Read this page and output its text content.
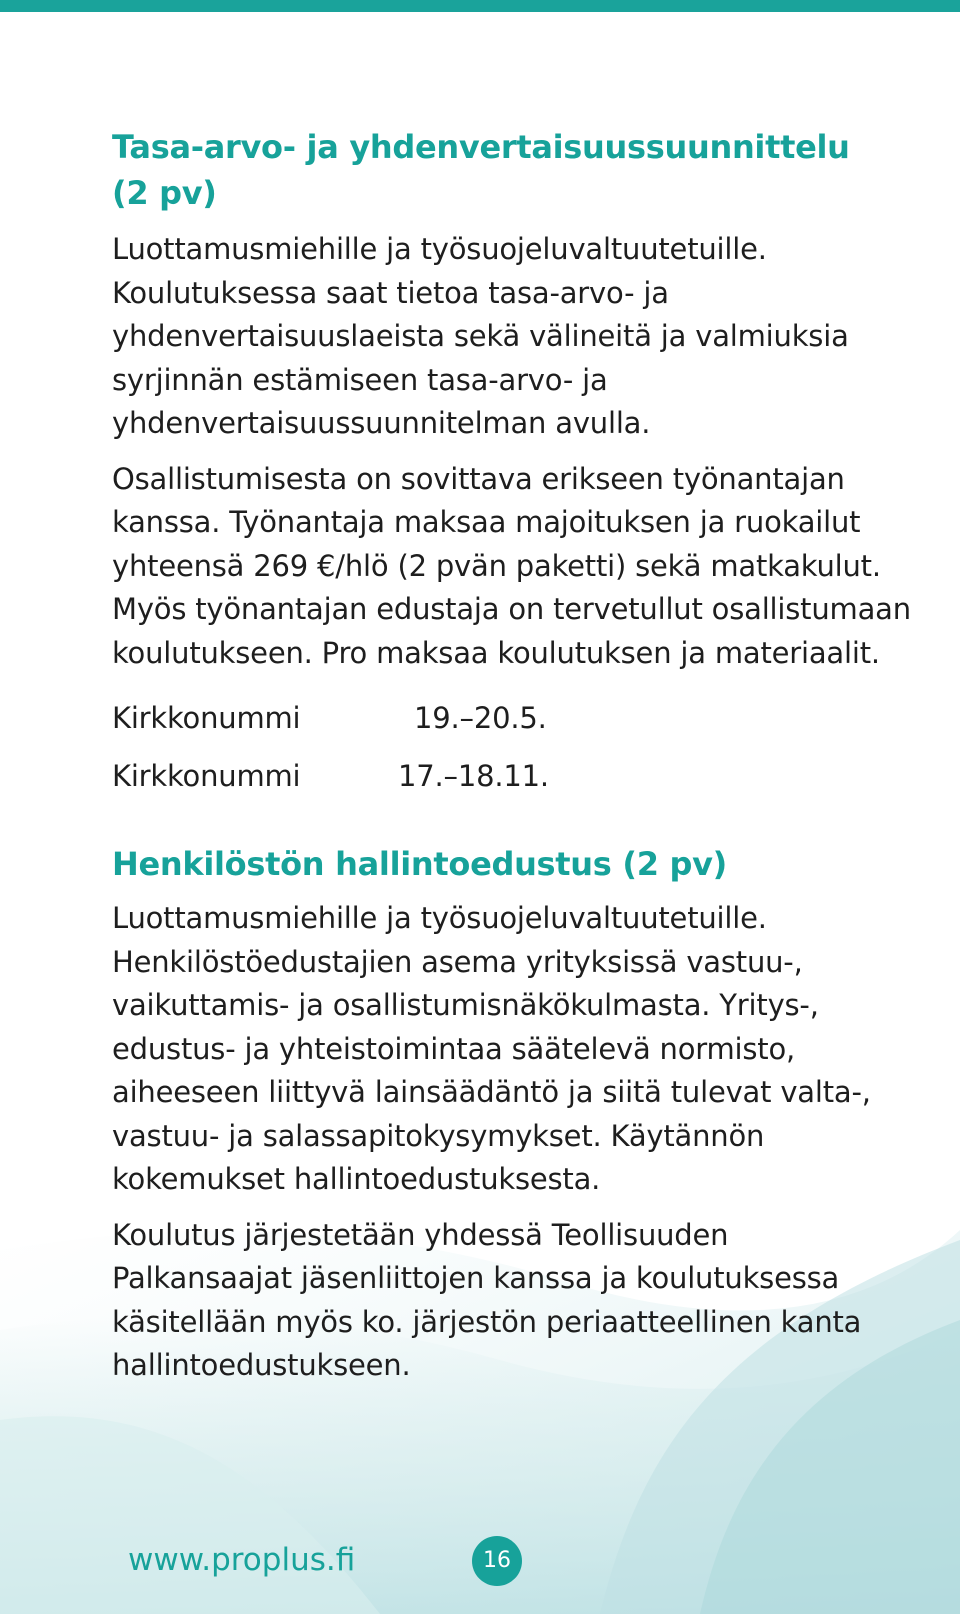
Tasa-arvo- ja yhdenvertaisuussuunnittelu
(2 pv)

Luottamusmiehille ja työsuojeluvaltuutetuille.

Koulutuksessa saat tietoa tasa-arvo- ja yhdenvertaisuuslaeista sekä välineitä ja valmiuksia syrjinnän estämiseen tasa-arvo- ja yhdenvertaisuussuunnitelman avulla.

Osallistumisesta on sovittava erikseen työnantajan kanssa. Työnantaja maksaa majoituksen ja ruokailut yhteensä 269 €/hlö (2 pvän paketti) sekä matkakulut. Myös työnantajan edustaja on tervetullut osallistumaan koulutukseen. Pro maksaa koulutuksen ja materiaalit.

Kirkkonummi	19.–20.5.
Kirkkonummi	17.–18.11.
Henkilöstön hallintoedustus (2 pv)

Luottamusmiehille ja työsuojeluvaltuutetuille.

Henkilöstöedustajien asema yrityksissä vastuu-, vaikuttamis- ja osallistumisnäkökulmasta. Yritys-, edustus- ja yhteistoimintaa säätelevä normisto, aiheeseen liittyvä lainsäädäntö ja siitä tulevat valta-, vastuu- ja salassapitokysymykset. Käytännön kokemukset hallintoedustuksesta.

Koulutus järjestetään yhdessä Teollisuuden Palkansaajat jäsenliittojen kanssa ja koulutuksessa käsitellään myös ko. järjestön periaatteellinen kanta hallintoedustukseen.

www.proplus.fi	16
